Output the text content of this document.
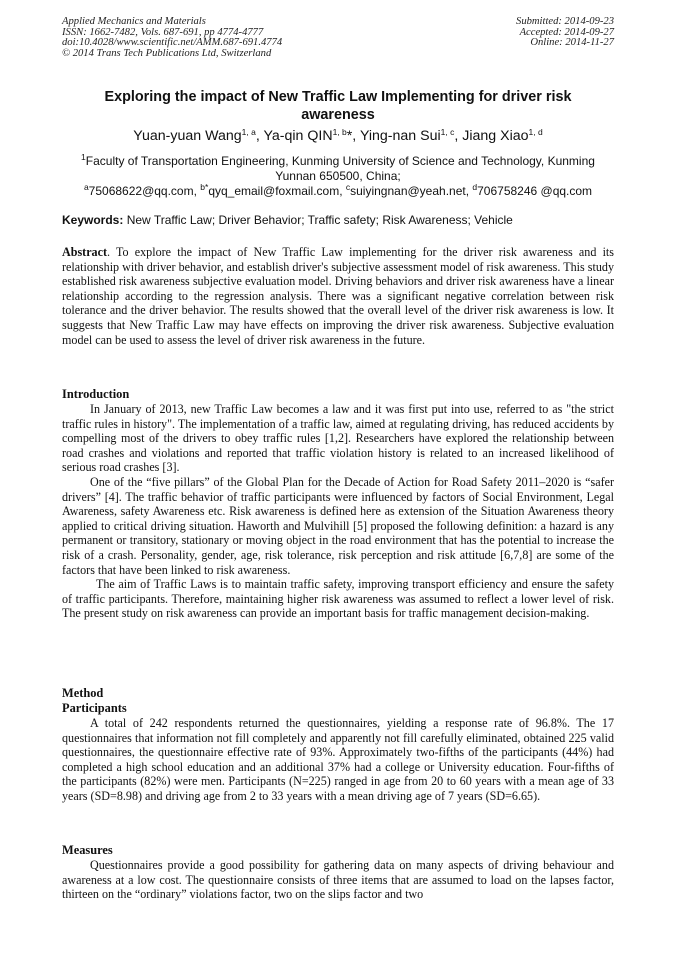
Applied Mechanics and Materials
ISSN: 1662-7482, Vols. 687-691, pp 4774-4777
doi:10.4028/www.scientific.net/AMM.687-691.4774
© 2014 Trans Tech Publications Ltd, Switzerland
Submitted: 2014-09-23
Accepted: 2014-09-27
Online: 2014-11-27
Exploring the impact of New Traffic Law Implementing for driver risk
awareness
Yuan-yuan Wang$^{1, a}$, Ya-qin QIN$^{1, b}$*, Ying-nan Sui$^{1, c}$, Jiang Xiao$^{1, d}$
$^1$Faculty of Transportation Engineering, Kunming University of Science and Technology, Kunming
Yunnan 650500, China;
$^a$75068622@qq.com, $^{b*}$qyq_email@foxmail.com, $^c$suiyingnan@yeah.net, $^d$706758246 @qq.com
Keywords: New Traffic Law; Driver Behavior; Traffic safety; Risk Awareness; Vehicle

Abstract. To explore the impact of New Traffic Law implementing for the driver risk awareness and its relationship with driver behavior, and establish driver's subjective assessment model of risk awareness. This study established risk awareness subjective evaluation model. Driving behaviors and driver risk awareness have a linear relationship according to the regression analysis. There was a significant negative correlation between risk tolerance and the driver behavior. The results showed that the overall level of the driver risk awareness is low. It suggests that New Traffic Law may have effects on improving the driver risk awareness. Subjective evaluation model can be used to assess the level of driver risk awareness in the future.

Introduction

In January of 2013, new Traffic Law becomes a law and it was first put into use, referred to as "the strict traffic rules in history". The implementation of a traffic law, aimed at regulating driving, has reduced accidents by compelling most of the drivers to obey traffic rules [1,2]. Researchers have explored the relationship between road crashes and violations and reported that traffic violation history is related to an increased likelihood of serious road crashes [3].

One of the “five pillars” of the Global Plan for the Decade of Action for Road Safety 2011–2020 is “safer drivers” [4]. The traffic behavior of traffic participants were influenced by factors of Social Environment, Legal Awareness, safety Awareness etc. Risk awareness is defined here as extension of the Situation Awareness theory applied to critical driving situation. Haworth and Mulvihill [5] proposed the following definition: a hazard is any permanent or transitory, stationary or moving object in the road environment that has the potential to increase the risk of a crash. Personality, gender, age, risk tolerance, risk perception and risk attitude [6,7,8] are some of the factors that have been linked to risk awareness.

The aim of Traffic Laws is to maintain traffic safety, improving transport efficiency and ensure the safety of traffic participants. Therefore, maintaining higher risk awareness was assumed to reflect a lower level of risk. The present study on risk awareness can provide an important basis for traffic management decision-making.

Method
Participants

A total of 242 respondents returned the questionnaires, yielding a response rate of 96.8%. The 17 questionnaires that information not fill completely and apparently not fill carefully eliminated, obtained 225 valid questionnaires, the questionnaire effective rate of 93%. Approximately two-fifths of the participants (44%) had completed a high school education and an additional 37% had a college or University education. Four-fifths of the participants (82%) were men. Participants (N=225) ranged in age from 20 to 60 years with a mean age of 33 years (SD=8.98) and driving age from 2 to 33 years with a mean driving age of 7 years (SD=6.65).

Measures

Questionnaires provide a good possibility for gathering data on many aspects of driving behaviour and awareness at a low cost. The questionnaire consists of three items that are assumed to load on the lapses factor, thirteen on the “ordinary” violations factor, two on the slips factor and two
